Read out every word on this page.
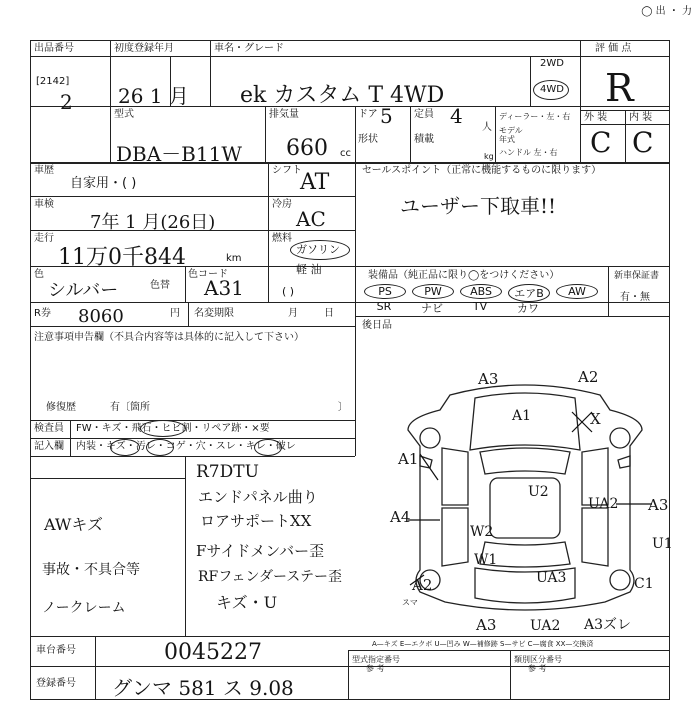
◯ 出 ・ 力
出品番号
[2142]
2
初度登録年月
26 1 月
車名・グレード
ek カスタム T 4WD
2WD
4WD
評 価 点
R
型式
DBA－B11W
排気量
660 cc
ドア 5 定員 4 人
形状	積載
kg
ディーラー・左・右
モデル年式
ハンドル 左・右
外 装 内 装
C C
車歴
自家用・( )
シフト
AT
車検
7年 1 月(26日)
冷房
AC
走行
11万0千844	km
燃料
ガソリン
軽 油
( )
色
シルバー	色替
色コード
A31
セールスポイント（正常に機能するものに限ります）
ユーザー下取車!!
装備品（純正品に限り◯をつけください）	新車保証書
有・無
PS	PW	ABS	エアB	AW
SR	ナビ	TV	カワ
後日品
R券 8060	円 名変期限	月	日
注意事項申告欄（不具合内容等は具体的に記入して下さい）
修復歴	有〔箇所	〕
検査員
記入欄
FW・キズ・飛石・ヒビ割・リペア跡・×要
内装・キズ・汚レ・コゲ・穴・スレ・キレ・破レ
AWキズ
事故・不具合等
ノークレーム
R7DTU
エンドパネル曲り
ロアサポートXX
Fサイドメンバー歪
RFフェンダーステー歪
キズ・U
A3	A2
A1	X
A1
U2
UA2 A3
A4
W2
W1
U1
A2	UA3	C1
A3 UA2 A3ズレ
スマ
A—キズ E—エクボ U—凹み W—補修跡 S—サビ C—腐食 XX—交換済
型式指定番号
参 考
類別区分番号
参 考
車台番号	0045227
登録番号 グンマ 581 ス 9.08
